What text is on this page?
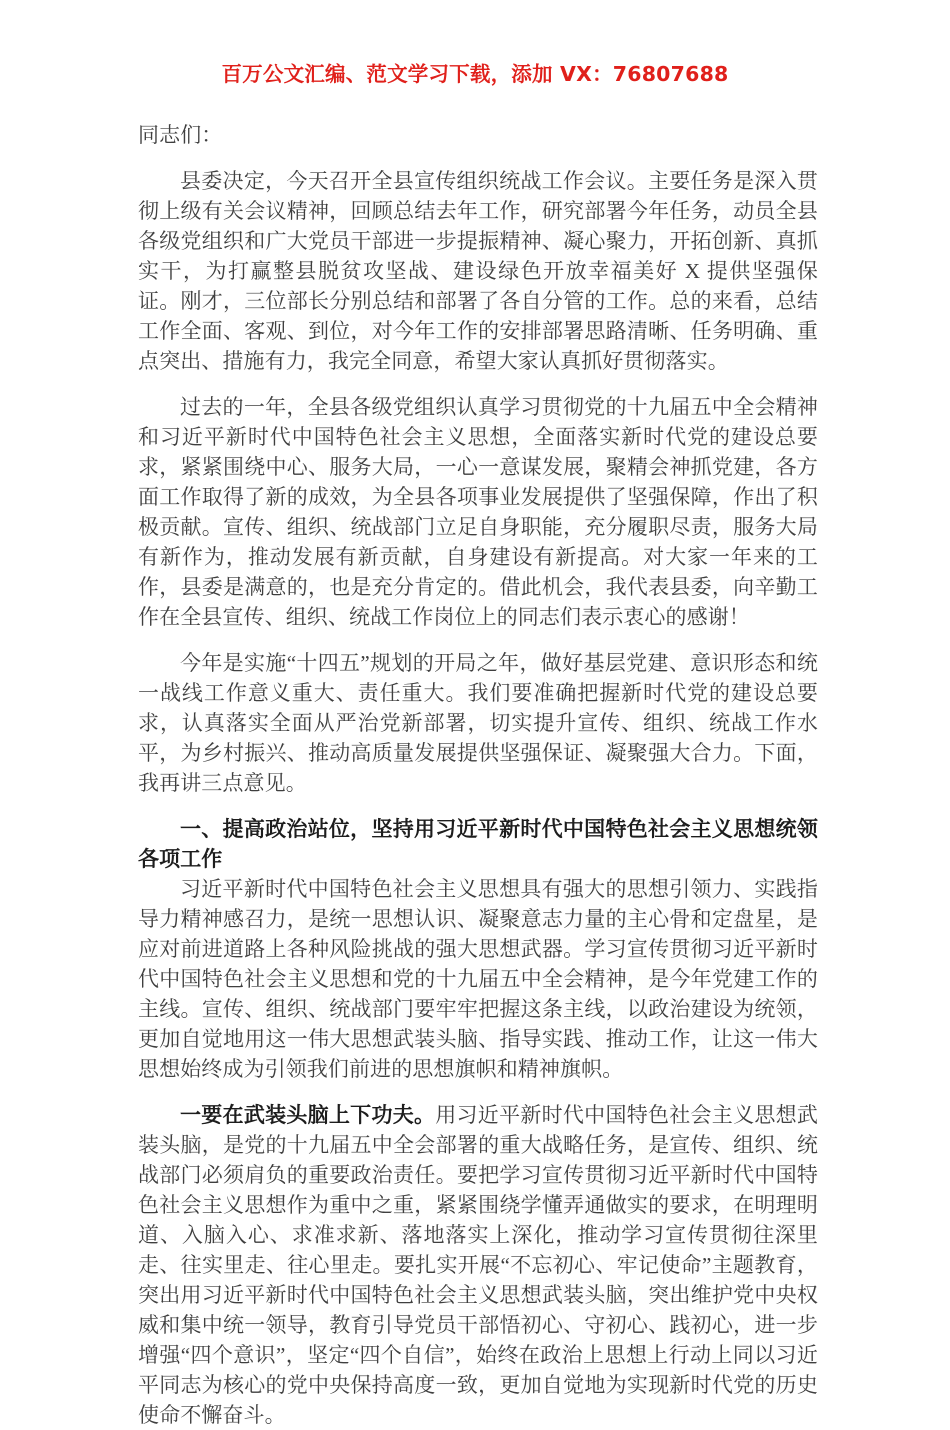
百万公文汇编、范文学习下载，添加 VX：76807688

同志们：

县委决定，今天召开全县宣传组织统战工作会议。主要任务是深入贯彻上级有关会议精神，回顾总结去年工作，研究部署今年任务，动员全县各级党组织和广大党员干部进一步提振精神、凝心聚力，开拓创新、真抓实干，为打赢整县脱贫攻坚战、建设绿色开放幸福美好 X 提供坚强保证。刚才，三位部长分别总结和部署了各自分管的工作。总的来看，总结工作全面、客观、到位，对今年工作的安排部署思路清晰、任务明确、重点突出、措施有力，我完全同意，希望大家认真抓好贯彻落实。

过去的一年，全县各级党组织认真学习贯彻党的十九届五中全会精神和习近平新时代中国特色社会主义思想，全面落实新时代党的建设总要求，紧紧围绕中心、服务大局，一心一意谋发展，聚精会神抓党建，各方面工作取得了新的成效，为全县各项事业发展提供了坚强保障，作出了积极贡献。宣传、组织、统战部门立足自身职能，充分履职尽责，服务大局有新作为，推动发展有新贡献，自身建设有新提高。对大家一年来的工作，县委是满意的，也是充分肯定的。借此机会，我代表县委，向辛勤工作在全县宣传、组织、统战工作岗位上的同志们表示衷心的感谢！

今年是实施“十四五”规划的开局之年，做好基层党建、意识形态和统一战线工作意义重大、责任重大。我们要准确把握新时代党的建设总要求，认真落实全面从严治党新部署，切实提升宣传、组织、统战工作水平，为乡村振兴、推动高质量发展提供坚强保证、凝聚强大合力。下面，我再讲三点意见。

一、提高政治站位，坚持用习近平新时代中国特色社会主义思想统领各项工作

习近平新时代中国特色社会主义思想具有强大的思想引领力、实践指导力精神感召力，是统一思想认识、凝聚意志力量的主心骨和定盘星，是应对前进道路上各种风险挑战的强大思想武器。学习宣传贯彻习近平新时代中国特色社会主义思想和党的十九届五中全会精神，是今年党建工作的主线。宣传、组织、统战部门要牢牢把握这条主线，以政治建设为统领，更加自觉地用这一伟大思想武装头脑、指导实践、推动工作，让这一伟大思想始终成为引领我们前进的思想旗帜和精神旗帜。

一要在武装头脑上下功夫。用习近平新时代中国特色社会主义思想武装头脑，是党的十九届五中全会部署的重大战略任务，是宣传、组织、统战部门必须肩负的重要政治责任。要把学习宣传贯彻习近平新时代中国特色社会主义思想作为重中之重，紧紧围绕学懂弄通做实的要求，在明理明道、入脑入心、求准求新、落地落实上深化，推动学习宣传贯彻往深里走、往实里走、往心里走。要扎实开展“不忘初心、牢记使命”主题教育，突出用习近平新时代中国特色社会主义思想武装头脑，突出维护党中央权威和集中统一领导，教育引导党员干部悟初心、守初心、践初心，进一步增强“四个意识”，坚定“四个自信”，始终在政治上思想上行动上同以习近平同志为核心的党中央保持高度一致，更加自觉地为实现新时代党的历史使命不懈奋斗。
